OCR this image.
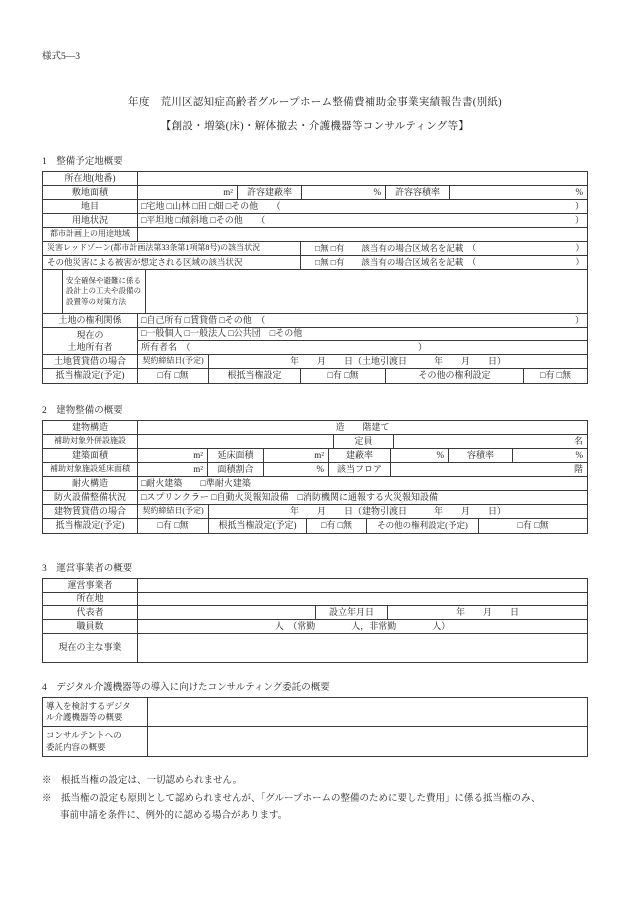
様式5—3
年度　荒川区認知症高齢者グループホーム整備費補助金事業実績報告書(別紙)
【創設・増築(床)・解体撤去・介護機器等コンサルティング等】
1　整備予定地概要
所在地(地番)
敷地面積	m²	許容建蔽率	%	許容容積率	%
地目	□宅地 □山林 □田 □畑 □その他　　（	）
用地状況	□平坦地 □傾斜地 □その他　　（	）
都市計画上の用途地域
災害レッドゾーン(都市計画法第33条第1項第8号)の該当状況	□無 □有　　該当有の場合区域名を記載　（	）
その他災害による被害が想定される区域の該当状況	□無 □有　　該当有の場合区域名を記載　（	）
安全確保や避難に係る
設計上の工夫や設備の
設置等の対策方法
土地の権利関係	□自己所有 □賃貸借 □その他　（	）
現在の
土地所有者
□一般個人 □一般法人 □公共団　□その他
所有者名　（	）
土地賃貸借の場合	契約締結日(予定)	年　　月　　日（土地引渡日　　　年　　月　　日）
抵当権設定(予定)	□有 □無	根抵当権設定	□有 □無	その他の権利設定	□有 □無
2　建物整備の概要
建物構造	造　　階建て
補助対象外併設施設	定員	名
建築面積	m²	延床面積	m²	建蔽率	%	容積率	%
補助対象施設延床面積	m²	面積割合	%	該当フロア	階
耐火構造	□耐火建築　　□準耐火建築
防火設備整備状況	□スプリンクラー □自動火災報知設備　□消防機関に通報する火災報知設備
建物賃貸借の場合	契約締結日(予定)	年　　月　　日（建物引渡日　　　年　　月　　日）
抵当権設定(予定)	□有 □無	根抵当権設定(予定)	□有 □無	その他の権利設定(予定)	□有 □無
3　運営事業者の概要
運営事業者
所在地
代表者	設立年月日	年　　月　　日
職員数	人　（常勤　　　　人，非常勤　　　　人）
現在の主な事業
4　デジタル介護機器等の導入に向けたコンサルティング委託の概要
導入を検討するデジタ
ル介護機器等の概要
コンサルテントへの
委託内容の概要
※　根抵当権の設定は、一切認められません。
※　抵当権の設定も原則として認められませんが、「グループホームの整備のために要した費用」に係る抵当権のみ、
事前申請を条件に、例外的に認める場合があります。
